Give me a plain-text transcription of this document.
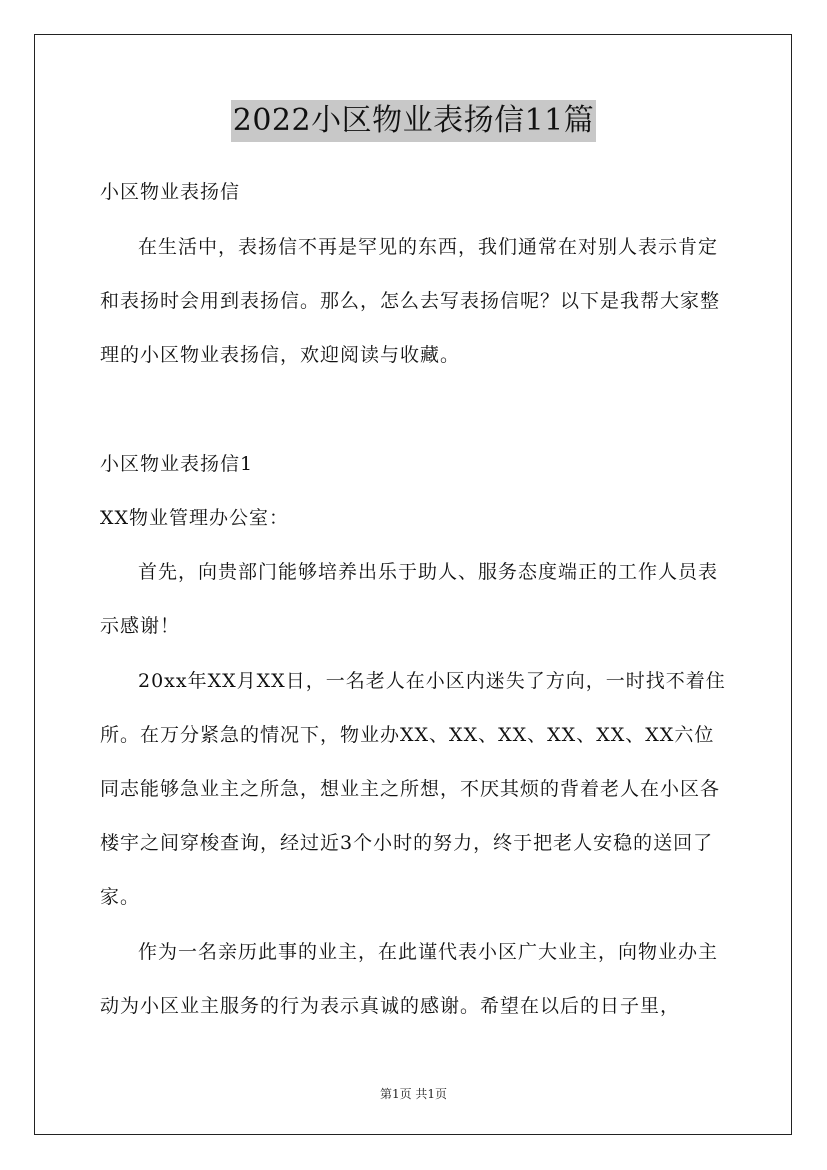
2022小区物业表扬信11篇
小区物业表扬信
在生活中，表扬信不再是罕见的东西，我们通常在对别人表示肯定和表扬时会用到表扬信。那么，怎么去写表扬信呢？以下是我帮大家整理的小区物业表扬信，欢迎阅读与收藏。
小区物业表扬信1
XX物业管理办公室：
首先，向贵部门能够培养出乐于助人、服务态度端正的工作人员表示感谢！
20xx年XX月XX日，一名老人在小区内迷失了方向，一时找不着住所。在万分紧急的情况下，物业办XX、XX、XX、XX、XX、XX六位同志能够急业主之所急，想业主之所想，不厌其烦的背着老人在小区各楼宇之间穿梭查询，经过近3个小时的努力，终于把老人安稳的送回了家。
作为一名亲历此事的业主，在此谨代表小区广大业主，向物业办主动为小区业主服务的行为表示真诚的感谢。希望在以后的日子里，
第1页 共1页
